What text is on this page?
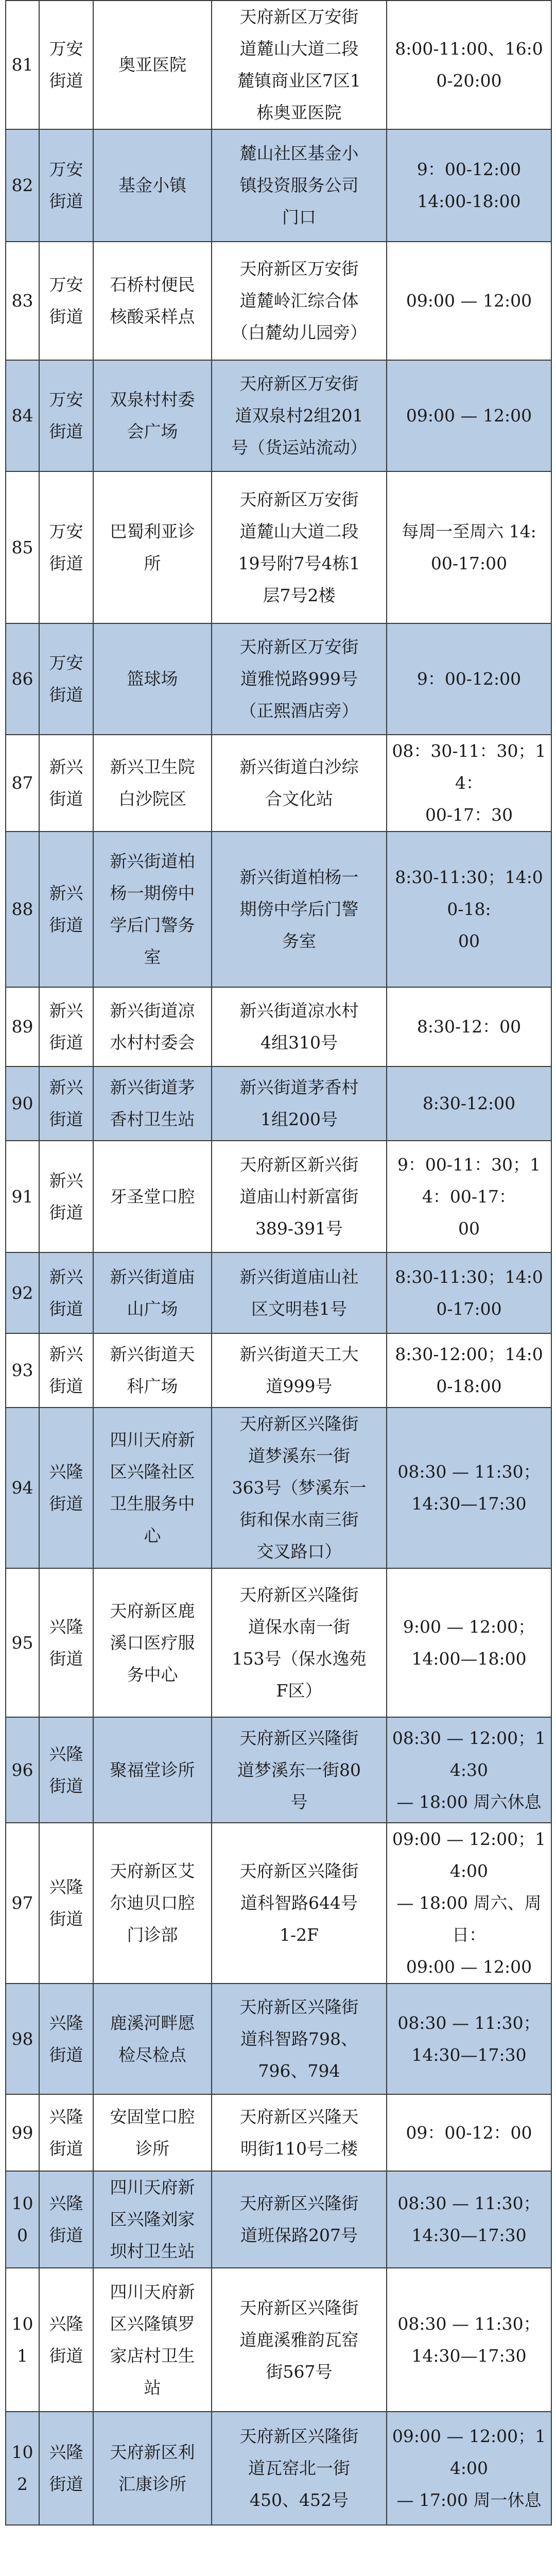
81	万安
街道	奥亚医院	天府新区万安街
道麓山大道二段
麓镇商业区7区1
栋奥亚医院	8:00-11:00、16:00-20:00
82	万安
街道	基金小镇	麓山社区基金小
镇投资服务公司
门口	9：00-12:00
14:00-18:00
83	万安
街道	石桥村便民
核酸采样点	天府新区万安街
道麓岭汇综合体
（白麓幼儿园旁）	09:00 — 12:00
84	万安
街道	双泉村村委
会广场	天府新区万安街
道双泉村2组201
号（货运站流动）	09:00 — 12:00
85	万安
街道	巴蜀利亚诊
所	天府新区万安街
道麓山大道二段
19号附7号4栋1
层7号2楼	每周一至周六 14:
00-17:00
86	万安
街道	篮球场	天府新区万安街
道雅悦路999号
（正熙酒店旁）	9：00-12:00
87	新兴
街道	新兴卫生院
白沙院区	新兴街道白沙综
合文化站	08：30-11：30；14：
00-17：30
88	新兴
街道	新兴街道柏
杨一期傍中
学后门警务
室	新兴街道柏杨一
期傍中学后门警
务室	8:30-11:30；14:00-18:
00
89	新兴
街道	新兴街道凉
水村村委会	新兴街道凉水村
4组310号	8:30-12：00
90	新兴
街道	新兴街道茅
香村卫生站	新兴街道茅香村
1组200号	8:30-12:00
91	新兴
街道	牙圣堂口腔	天府新区新兴街
道庙山村新富街
389-391号	9：00-11：30；14：00-17：
00
92	新兴
街道	新兴街道庙
山广场	新兴街道庙山社
区文明巷1号	8:30-11:30；14:00-17:00
93	新兴
街道	新兴街道天
科广场	新兴街道天工大
道999号	8:30-12:00；14:00-18:00
94	兴隆
街道	四川天府新
区兴隆社区
卫生服务中
心	天府新区兴隆街
道梦溪东一街
363号（梦溪东一
街和保水南三街
交叉路口）	08:30 — 11:30；
14:30—17:30
95	兴隆
街道	天府新区鹿
溪口医疗服
务中心	天府新区兴隆街
道保水南一街
153号（保水逸苑
F区）	9:00 — 12:00；
14:00—18:00
96	兴隆
街道	聚福堂诊所	天府新区兴隆街
道梦溪东一街80
号	08:30 — 12:00；14:30
— 18:00 周六休息
97	兴隆
街道	天府新区艾
尔迪贝口腔
门诊部	天府新区兴隆街
道科智路644号
1-2F	09:00 — 12:00；14:00
— 18:00 周六、周日：
09:00 — 12:00
98	兴隆
街道	鹿溪河畔愿
检尽检点	天府新区兴隆街
道科智路798、
796、794	08:30 — 11:30；
14:30—17:30
99	兴隆
街道	安固堂口腔
诊所	天府新区兴隆天
明街110号二楼	09：00-12：00
100	兴隆
街道	四川天府新
区兴隆刘家
坝村卫生站	天府新区兴隆街
道班保路207号	08:30 — 11:30；
14:30—17:30
101	兴隆
街道	四川天府新
区兴隆镇罗
家店村卫生
站	天府新区兴隆街
道鹿溪雅韵瓦窑
街567号	08:30 — 11:30；
14:30—17:30
102	兴隆
街道	天府新区利
汇康诊所	天府新区兴隆街
道瓦窑北一街
450、452号	09:00 — 12:00；14:00
— 17:00 周一休息
